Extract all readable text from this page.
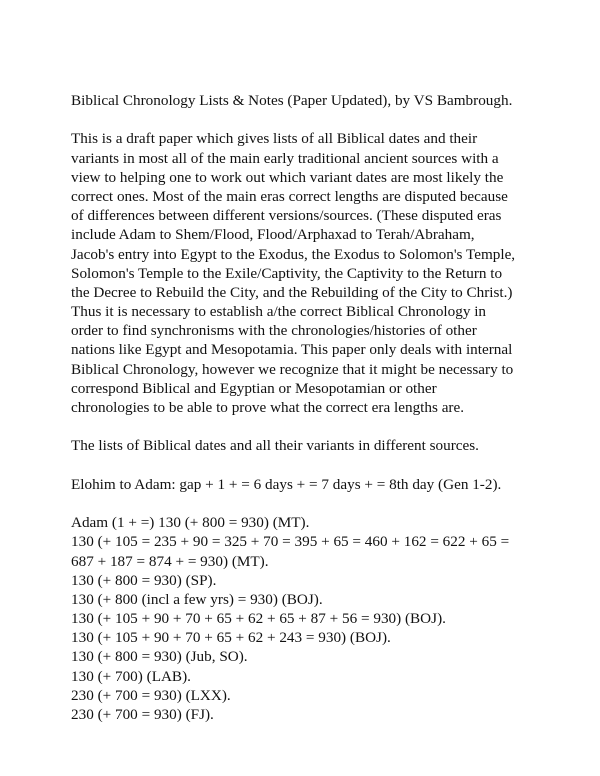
Biblical Chronology Lists & Notes (Paper Updated), by VS Bambrough.
This is a draft paper which gives lists of all Biblical dates and their
variants in most all of the main early traditional ancient sources with a
view to helping one to work out which variant dates are most likely the
correct ones. Most of the main eras correct lengths are disputed because
of differences between different versions/sources. (These disputed eras
include Adam to Shem/Flood, Flood/Arphaxad to Terah/Abraham,
Jacob's entry into Egypt to the Exodus, the Exodus to Solomon's Temple,
Solomon's Temple to the Exile/Captivity, the Captivity to the Return to
the Decree to Rebuild the City, and the Rebuilding of the City to Christ.)
Thus it is necessary to establish a/the correct Biblical Chronology in
order to find synchronisms with the chronologies/histories of other
nations like Egypt and Mesopotamia. This paper only deals with internal
Biblical Chronology, however we recognize that it might be necessary to
correspond Biblical and Egyptian or Mesopotamian or other
chronologies to be able to prove what the correct era lengths are.
The lists of Biblical dates and all their variants in different sources.
Elohim to Adam: gap + 1 + = 6 days + = 7 days + = 8th day (Gen 1-2).
Adam (1 + =) 130 (+ 800 = 930) (MT).
130 (+ 105 = 235 + 90 = 325 + 70 = 395 + 65 = 460 + 162 = 622 + 65 =
687 + 187 = 874 + = 930) (MT).
130 (+ 800 = 930) (SP).
130 (+ 800 (incl a few yrs) = 930) (BOJ).
130 (+ 105 + 90 + 70 + 65 + 62 + 65 + 87 + 56 = 930) (BOJ).
130 (+ 105 + 90 + 70 + 65 + 62 + 243 = 930) (BOJ).
130 (+ 800 = 930) (Jub, SO).
130 (+ 700) (LAB).
230 (+ 700 = 930) (LXX).
230 (+ 700 = 930) (FJ).
